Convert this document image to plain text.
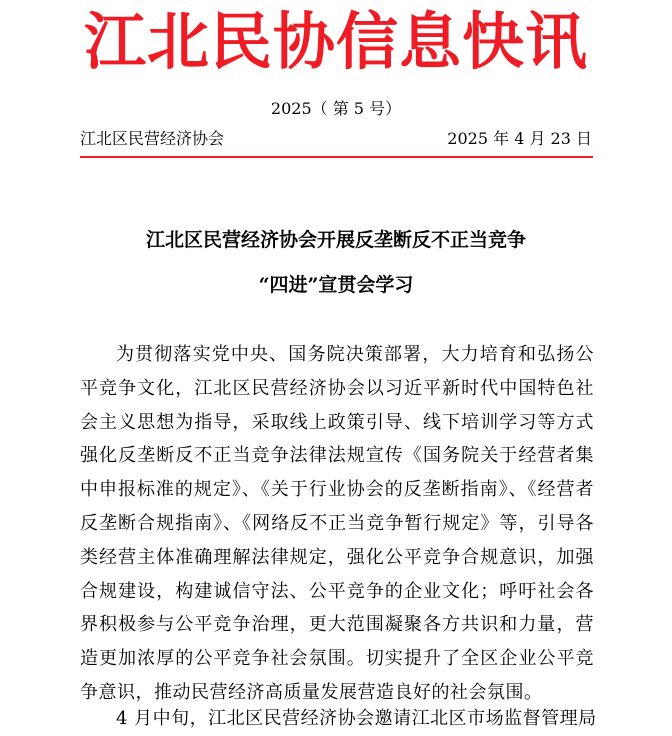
江北民协信息快讯
2025（ 第 5 号）
江北区民营经济协会	2025 年 4 月 23 日
江北区民营经济协会开展反垄断反不正当竞争
“四进”宣贯会学习
为贯彻落实党中央、国务院决策部署，大力培育和弘扬公平竞争文化，江北区民营经济协会以习近平新时代中国特色社会主义思想为指导，采取线上政策引导、线下培训学习等方式强化反垄断反不正当竞争法律法规宣传《国务院关于经营者集中申报标准的规定》、《关于行业协会的反垄断指南》、《经营者反垄断合规指南》、《网络反不正当竞争暂行规定》等，引导各类经营主体准确理解法律规定，强化公平竞争合规意识，加强合规建设，构建诚信守法、公平竞争的企业文化；呼吁社会各界积极参与公平竞争治理，更大范围凝聚各方共识和力量，营造更加浓厚的公平竞争社会氛围。切实提升了全区企业公平竞争意识，推动民营经济高质量发展营造良好的社会氛围。
4 月中旬，江北区民营经济协会邀请江北区市场监督管理局
